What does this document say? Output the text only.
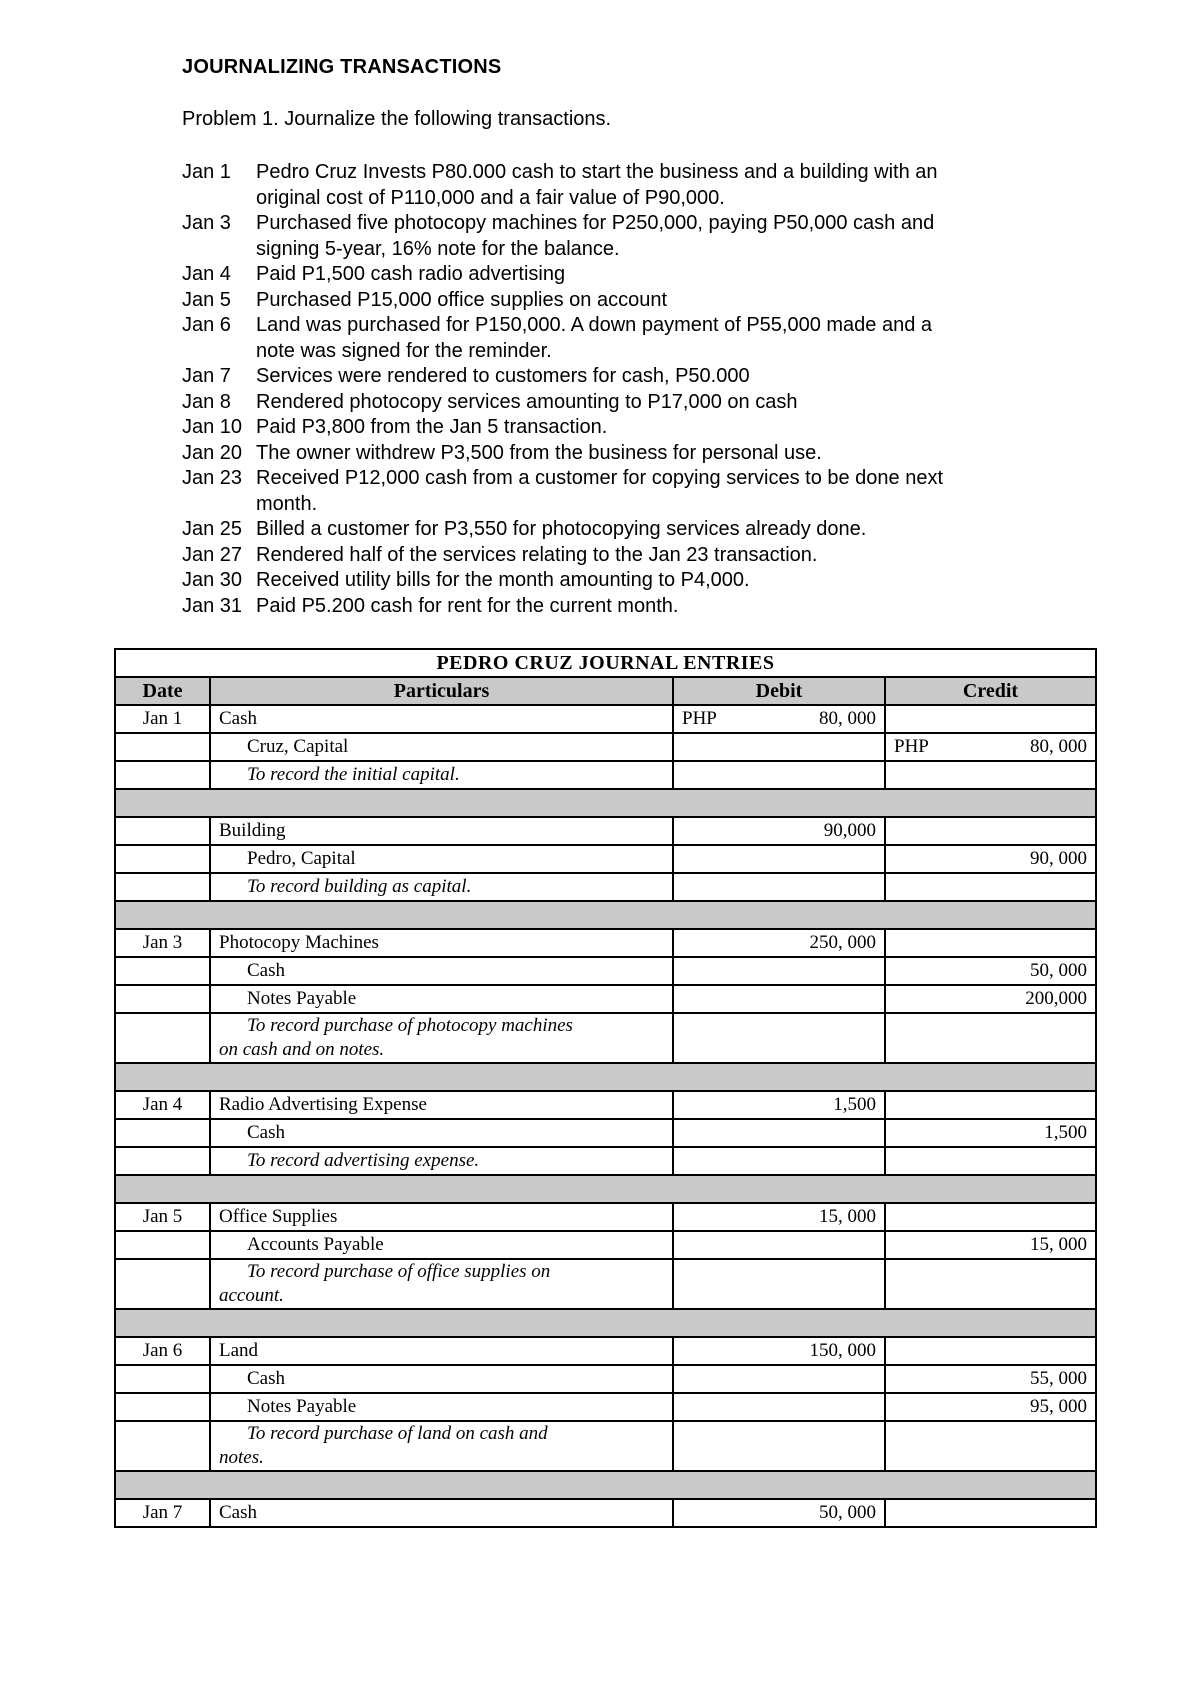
JOURNALIZING TRANSACTIONS
Problem 1. Journalize the following transactions.
Jan 1	Pedro Cruz Invests P80.000 cash to start the business and a building with an
original cost of P110,000 and a fair value of P90,000.
Jan 3	Purchased five photocopy machines for P250,000, paying P50,000 cash and
signing 5-year, 16% note for the balance.
Jan 4	Paid P1,500 cash radio advertising
Jan 5	Purchased P15,000 office supplies on account
Jan 6	Land was purchased for P150,000. A down payment of P55,000 made and a
note was signed for the reminder.
Jan 7	Services were rendered to customers for cash, P50.000
Jan 8	Rendered photocopy services amounting to P17,000 on cash
Jan 10 Paid P3,800 from the Jan 5 transaction.
Jan 20 The owner withdrew P3,500 from the business for personal use.
Jan 23 Received P12,000 cash from a customer for copying services to be done next
month.
Jan 25 Billed a customer for P3,550 for photocopying services already done.
Jan 27 Rendered half of the services relating to the Jan 23 transaction.
Jan 30 Received utility bills for the month amounting to P4,000.
Jan 31 Paid P5.200 cash for rent for the current month.
PEDRO CRUZ JOURNAL ENTRIES			
Date	Particulars	Debit	Credit
Jan 1	Cash	PHP 80, 000	
	Cruz, Capital		PHP 80, 000
	To record the initial capital.		

	Building	90,000	
	Pedro, Capital		90, 000
	To record building as capital.		

Jan 3	Photocopy Machines	250, 000	
	Cash		50, 000
	Notes Payable		200,000
	To record purchase of photocopy machines
on cash and on notes.		

Jan 4	Radio Advertising Expense	1,500	
	Cash		1,500
	To record advertising expense.		

Jan 5	Office Supplies	15, 000	
	Accounts Payable		15, 000
	To record purchase of office supplies on
account.		

Jan 6	Land	150, 000	
	Cash		55, 000
	Notes Payable		95, 000
	To record purchase of land on cash and
notes.		

Jan 7	Cash	50, 000	
